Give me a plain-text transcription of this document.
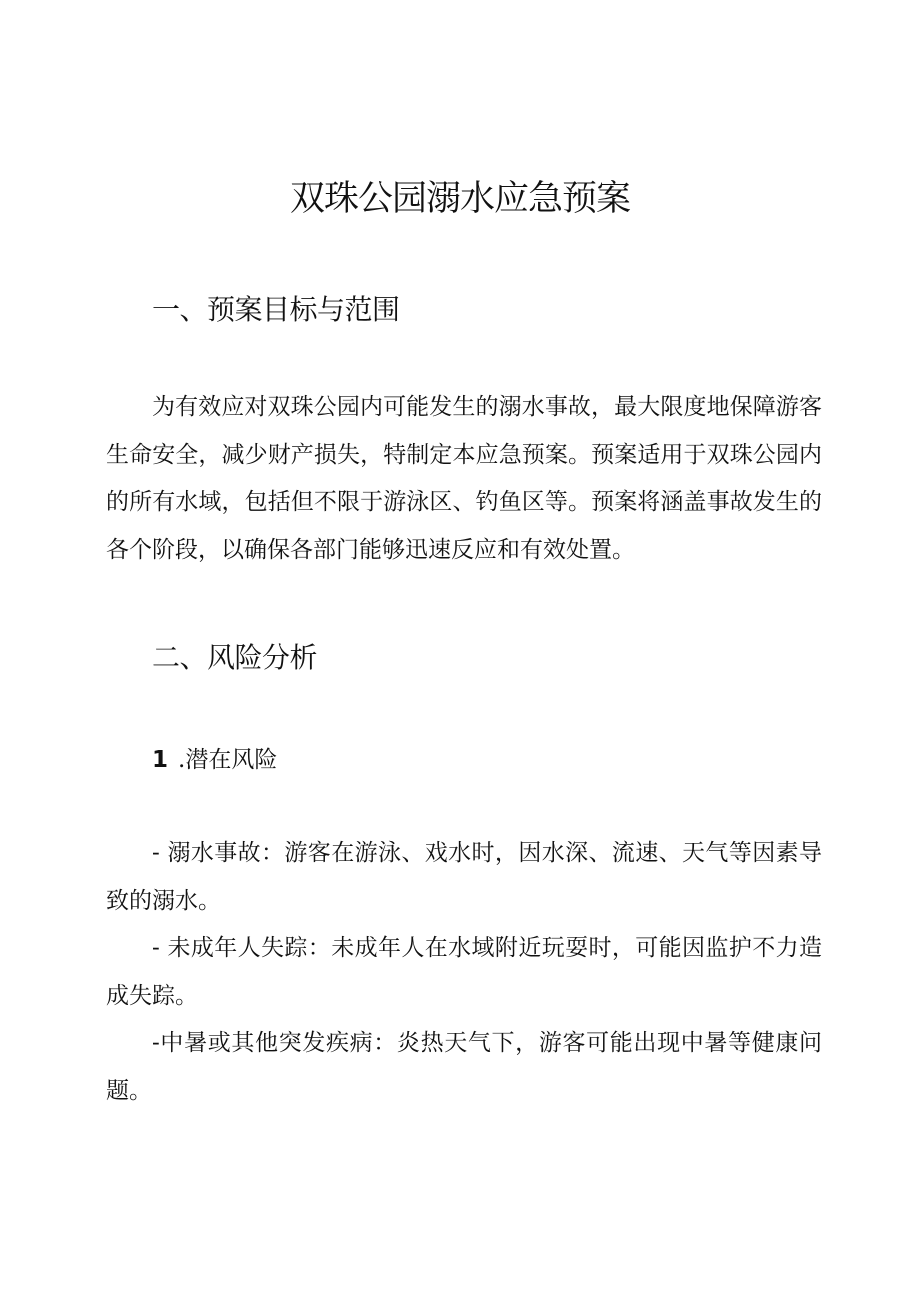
双珠公园溺水应急预案
一、预案目标与范围

为有效应对双珠公园内可能发生的溺水事故，最大限度地保障游客生命安全，减少财产损失，特制定本应急预案。预案适用于双珠公园内的所有水域，包括但不限于游泳区、钓鱼区等。预案将涵盖事故发生的各个阶段，以确保各部门能够迅速反应和有效处置。

二、风险分析

1 .潜在风险

- 溺水事故：游客在游泳、戏水时，因水深、流速、天气等因素导致的溺水。
- 未成年人失踪：未成年人在水域附近玩耍时，可能因监护不力造成失踪。
-中暑或其他突发疾病：炎热天气下，游客可能出现中暑等健康问题。
